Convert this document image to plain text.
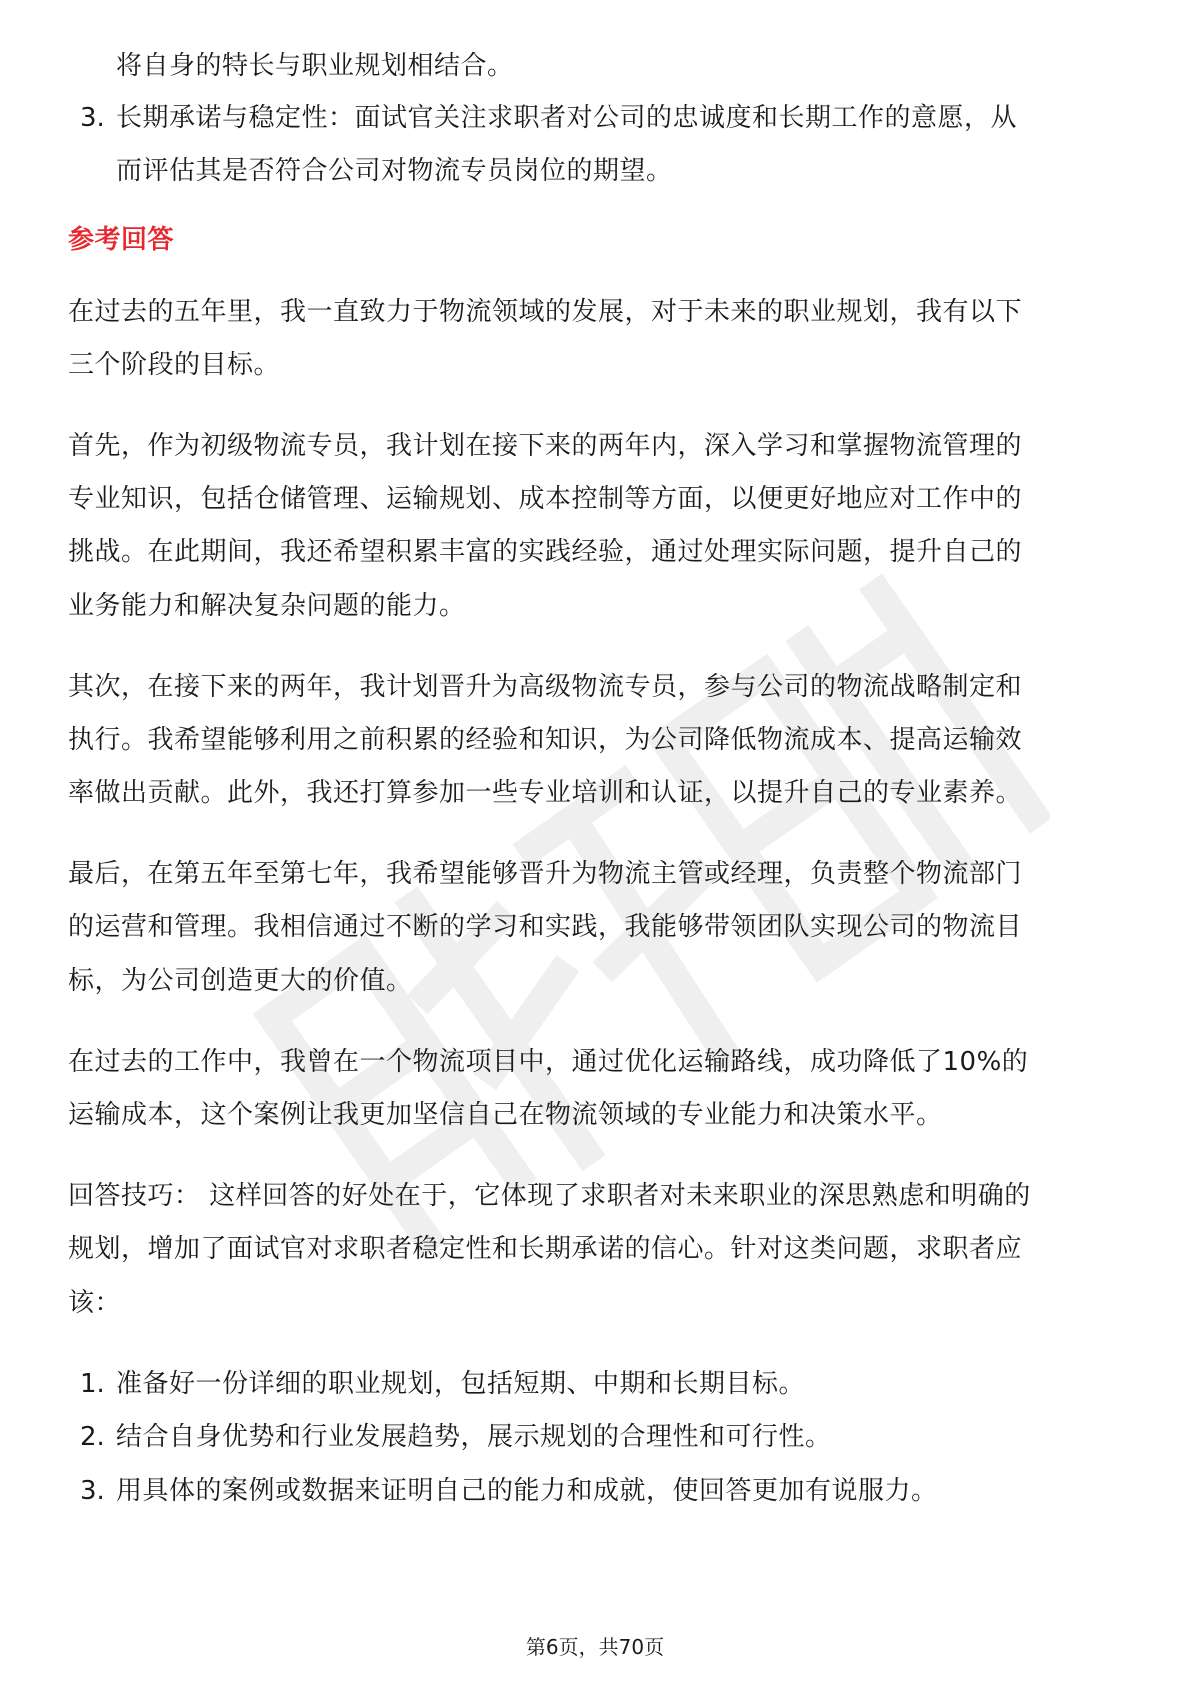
将自身的特长与职业规划相结合。
3. 长期承诺与稳定性：面试官关注求职者对公司的忠诚度和长期工作的意愿，从
而评估其是否符合公司对物流专员岗位的期望。
参考回答
在过去的五年里，我一直致力于物流领域的发展，对于未来的职业规划，我有以下
三个阶段的目标。
首先，作为初级物流专员，我计划在接下来的两年内，深入学习和掌握物流管理的
专业知识，包括仓储管理、运输规划、成本控制等方面，以便更好地应对工作中的
挑战。在此期间，我还希望积累丰富的实践经验，通过处理实际问题，提升自己的
业务能力和解决复杂问题的能力。
其次，在接下来的两年，我计划晋升为高级物流专员，参与公司的物流战略制定和
执行。我希望能够利用之前积累的经验和知识，为公司降低物流成本、提高运输效
率做出贡献。此外，我还打算参加一些专业培训和认证，以提升自己的专业素养。
最后，在第五年至第七年，我希望能够晋升为物流主管或经理，负责整个物流部门
的运营和管理。我相信通过不断的学习和实践，我能够带领团队实现公司的物流目
标，为公司创造更大的价值。
在过去的工作中，我曾在一个物流项目中，通过优化运输路线，成功降低了10%的
运输成本，这个案例让我更加坚信自己在物流领域的专业能力和决策水平。
回答技巧： 这样回答的好处在于，它体现了求职者对未来职业的深思熟虑和明确的
规划，增加了面试官对求职者稳定性和长期承诺的信心。针对这类问题，求职者应
该：
1. 准备好一份详细的职业规划，包括短期、中期和长期目标。
2. 结合自身优势和行业发展趋势，展示规划的合理性和可行性。
3. 用具体的案例或数据来证明自己的能力和成就，使回答更加有说服力。
第6页，共70页
